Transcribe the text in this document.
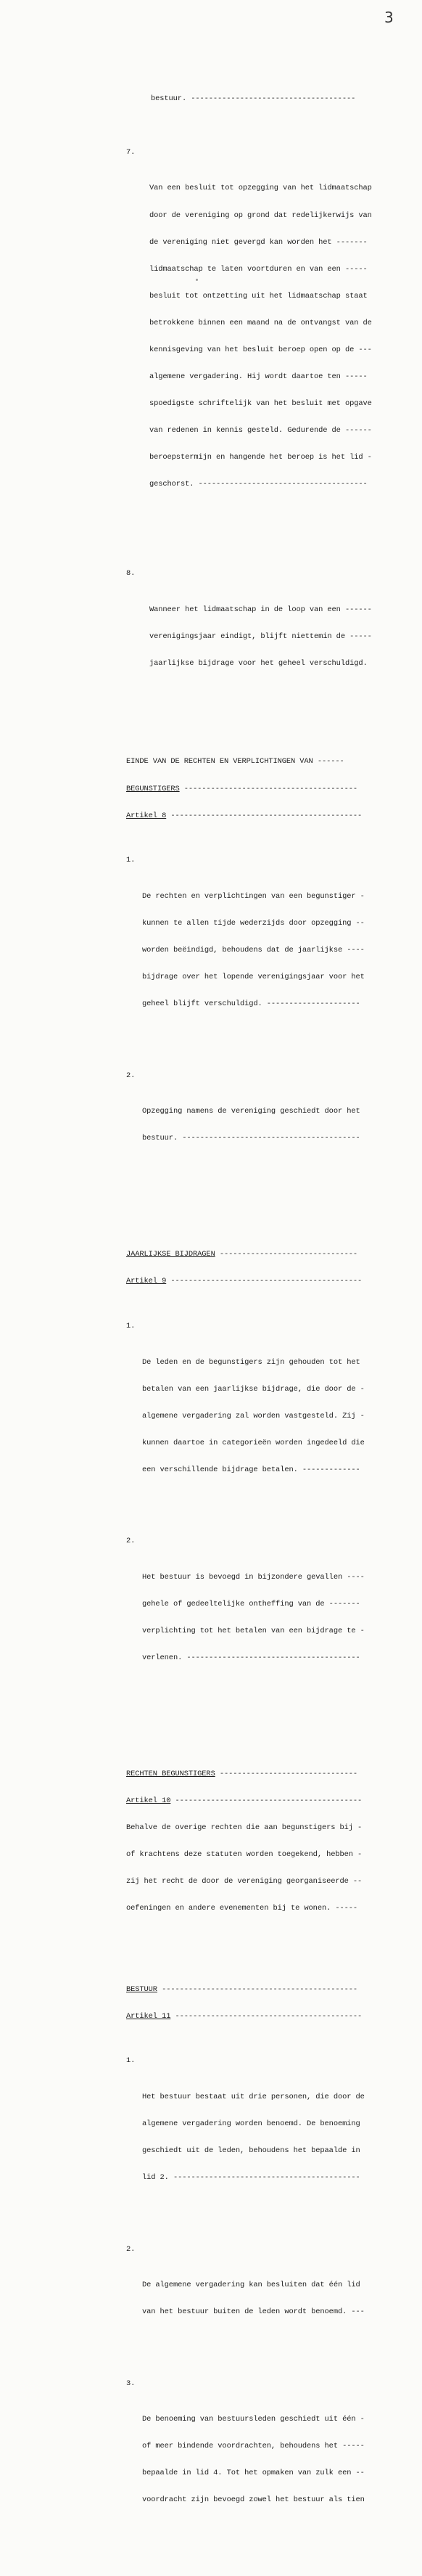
3

bestuur. -------------------------------------

7.

Van een besluit tot opzegging van het lidmaatschap

door de vereniging op grond dat redelijkerwijs van

de vereniging niet gevergd kan worden het -------

lidmaatschap te laten voortduren en van een -----

besluit tot ontzetting uit het lidmaatschap staat

betrokkene binnen een maand na de ontvangst van de

kennisgeving van het besluit beroep open op de ---

algemene vergadering. Hij wordt daartoe ten -----

spoedigste schriftelijk van het besluit met opgave

van redenen in kennis gesteld. Gedurende de ------

beroepstermijn en hangende het beroep is het lid -

geschorst. --------------------------------------

8.

Wanneer het lidmaatschap in de loop van een ------

verenigingsjaar eindigt, blijft niettemin de -----

jaarlijkse bijdrage voor het geheel verschuldigd.

EINDE VAN DE RECHTEN EN VERPLICHTINGEN VAN ------

BEGUNSTIGERS ---------------------------------------

Artikel 8 -------------------------------------------

1.

De rechten en verplichtingen van een begunstiger -

kunnen te allen tijde wederzijds door opzegging --

worden beëindigd, behoudens dat de jaarlijkse ----

bijdrage over het lopende verenigingsjaar voor het

geheel blijft verschuldigd. ---------------------

2.

Opzegging namens de vereniging geschiedt door het

bestuur. ----------------------------------------

JAARLIJKSE BIJDRAGEN -------------------------------

Artikel 9 -------------------------------------------

1.

De leden en de begunstigers zijn gehouden tot het

betalen van een jaarlijkse bijdrage, die door de -

algemene vergadering zal worden vastgesteld. Zij -

kunnen daartoe in categorieën worden ingedeeld die

een verschillende bijdrage betalen. -------------

2.

Het bestuur is bevoegd in bijzondere gevallen ----

gehele of gedeeltelijke ontheffing van de -------

verplichting tot het betalen van een bijdrage te -

verlenen. ---------------------------------------

RECHTEN BEGUNSTIGERS -------------------------------

Artikel 10 ------------------------------------------

Behalve de overige rechten die aan begunstigers bij -

of krachtens deze statuten worden toegekend, hebben -

zij het recht de door de vereniging georganiseerde --

oefeningen en andere evenementen bij te wonen. -----

BESTUUR --------------------------------------------

Artikel 11 ------------------------------------------

1.

Het bestuur bestaat uit drie personen, die door de

algemene vergadering worden benoemd. De benoeming

geschiedt uit de leden, behoudens het bepaalde in

lid 2. ------------------------------------------

2.

De algemene vergadering kan besluiten dat één lid

van het bestuur buiten de leden wordt benoemd. ---

3.

De benoeming van bestuursleden geschiedt uit één -

of meer bindende voordrachten, behoudens het -----

bepaalde in lid 4. Tot het opmaken van zulk een --

voordracht zijn bevoegd zowel het bestuur als tien
